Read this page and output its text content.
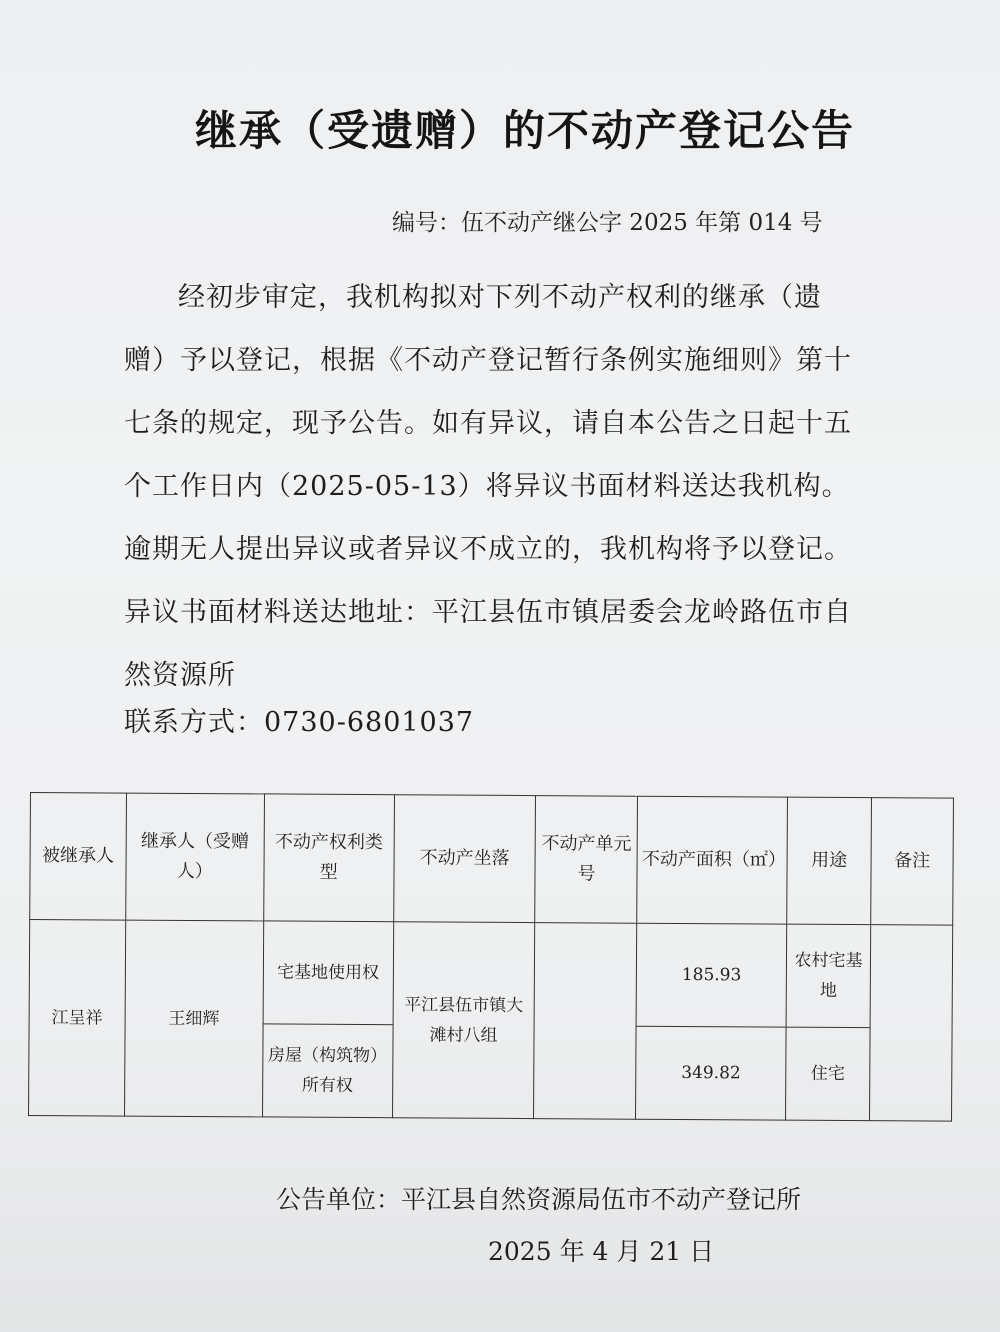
继承（受遗赠）的不动产登记公告
编号：伍不动产继公字 2025 年第 014 号

经初步审定，我机构拟对下列不动产权利的继承（遗赠）予以登记，根据《不动产登记暂行条例实施细则》第十七条的规定，现予公告。如有异议，请自本公告之日起十五个工作日内（2025-05-13）将异议书面材料送达我机构。逾期无人提出异议或者异议不成立的，我机构将予以登记。

异议书面材料送达地址：平江县伍市镇居委会龙岭路伍市自然资源所

联系方式：0730-6801037
被继承人	继承人（受赠人）	不动产权利类型	不动产坐落	不动产单元号	不动产面积（㎡）	用途	备注
江呈祥	王细辉	宅基地使用权	平江县伍市镇大滩村八组		185.93	农村宅基地	
		房屋（构筑物）所有权			349.82	住宅	
公告单位：平江县自然资源局伍市不动产登记所
2025 年 4 月 21 日
